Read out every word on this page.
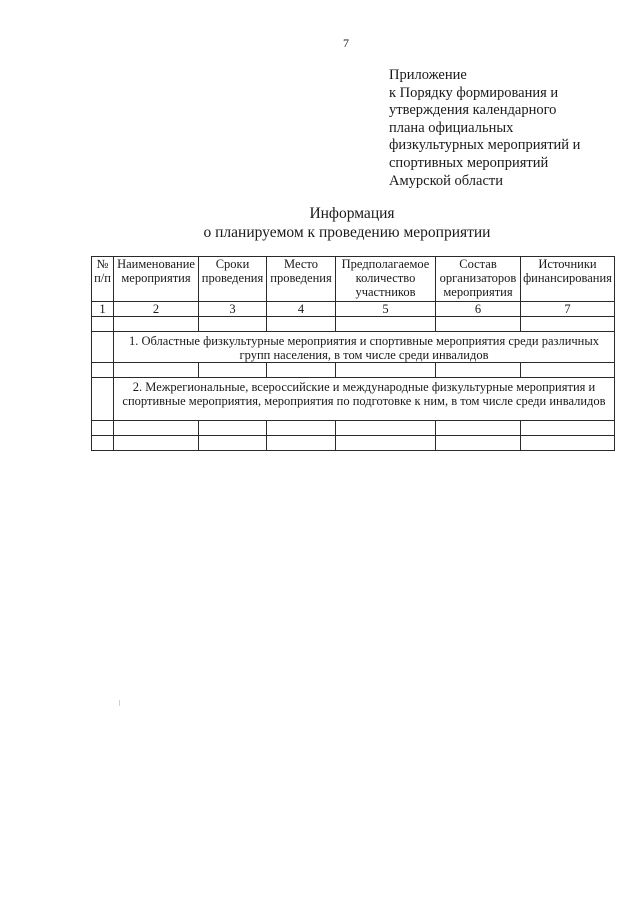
7
Приложение
к Порядку формирования и
утверждения календарного
плана официальных
физкультурных мероприятий и
спортивных мероприятий
Амурской области
Информация
о планируемом к проведению мероприятии
№ п/п	Наименование мероприятия	Сроки проведения	Место проведения	Предполагаемое количество участников	Состав организаторов мероприятия	Источники финансирования
1	2	3	4	5	6	7

	1. Областные физкультурные мероприятия и спортивные мероприятия среди различных групп населения, в том числе среди инвалидов					

	2. Межрегиональные, всероссийские и международные физкультурные мероприятия и спортивные мероприятия, мероприятия по подготовке к ним, в том числе среди инвалидов					
